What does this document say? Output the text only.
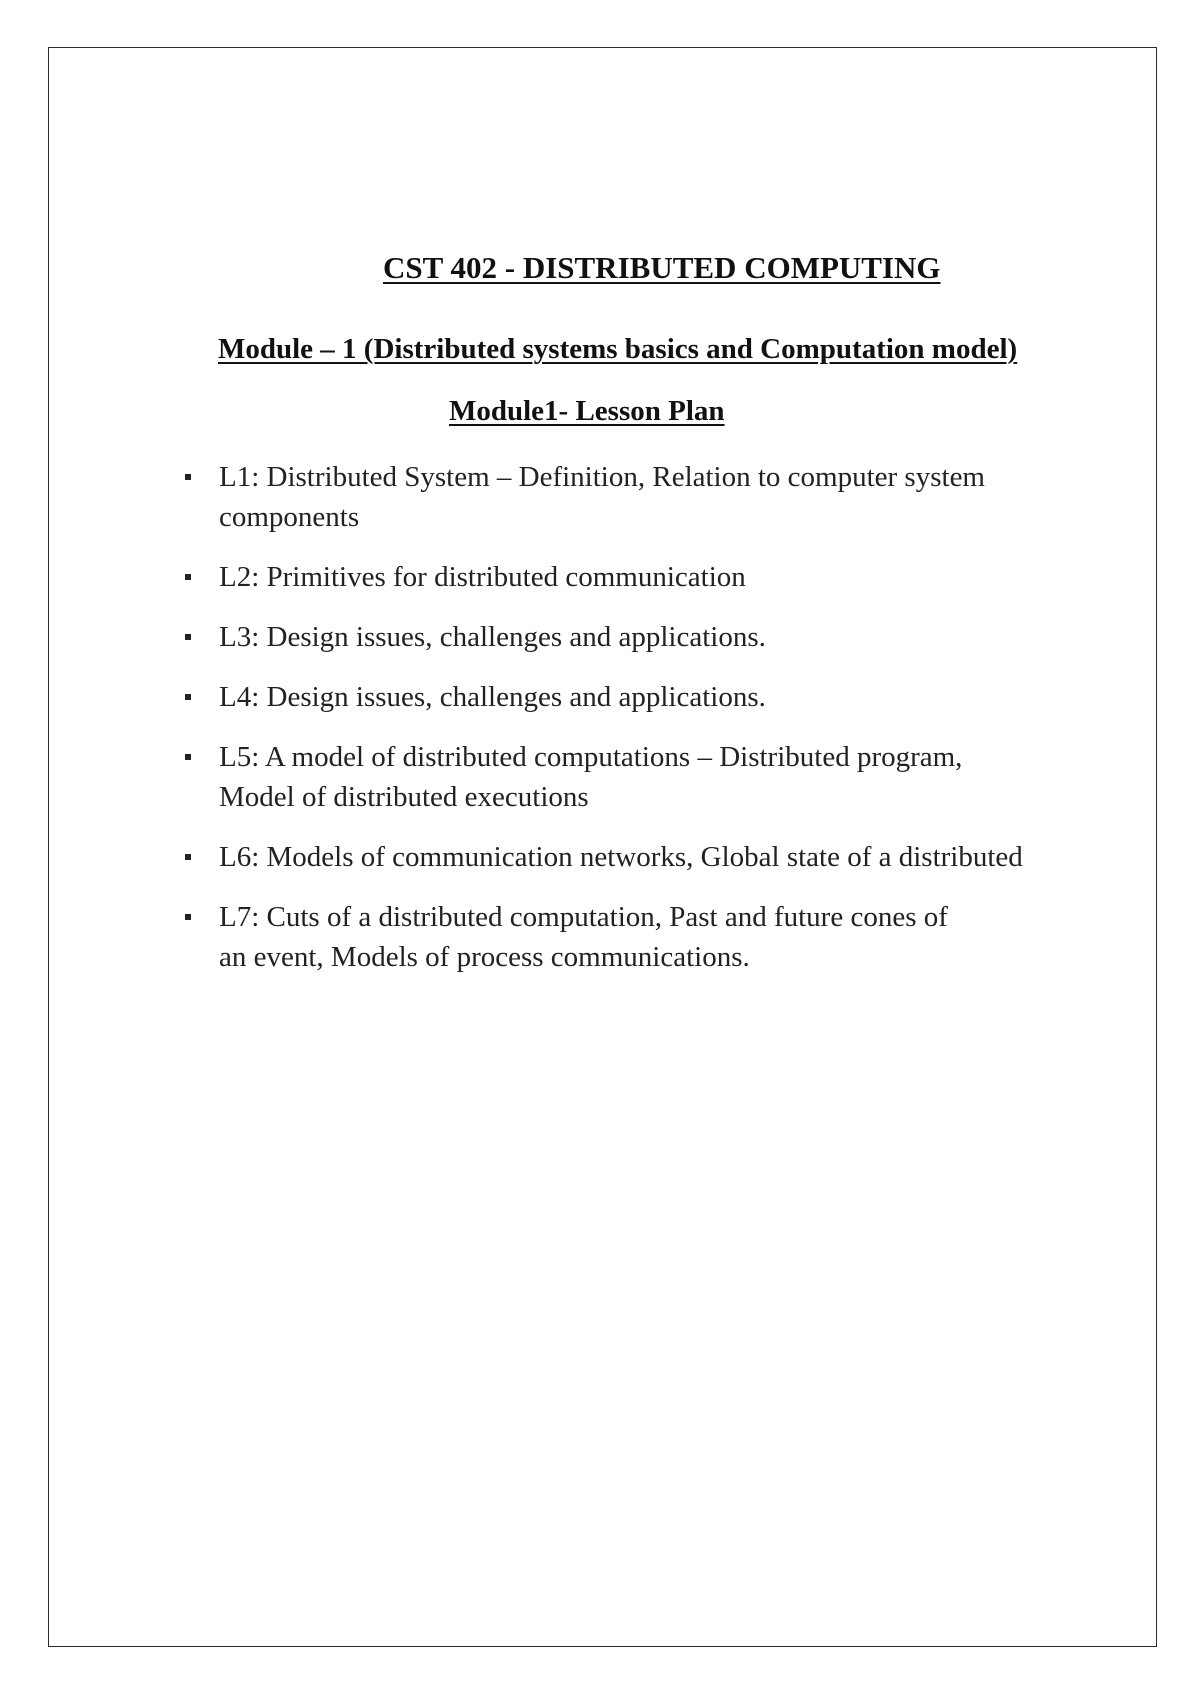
CST 402 - DISTRIBUTED COMPUTING
Module – 1 (Distributed systems basics and Computation model)
Module1- Lesson Plan
L1: Distributed System – Definition, Relation to computer system
components
L2: Primitives for distributed communication
L3: Design issues, challenges and applications.
L4: Design issues, challenges and applications.
L5: A model of distributed computations – Distributed program,
Model of distributed executions
L6: Models of communication networks, Global state of a distributed
L7: Cuts of a distributed computation, Past and future cones of
an event, Models of process communications.
